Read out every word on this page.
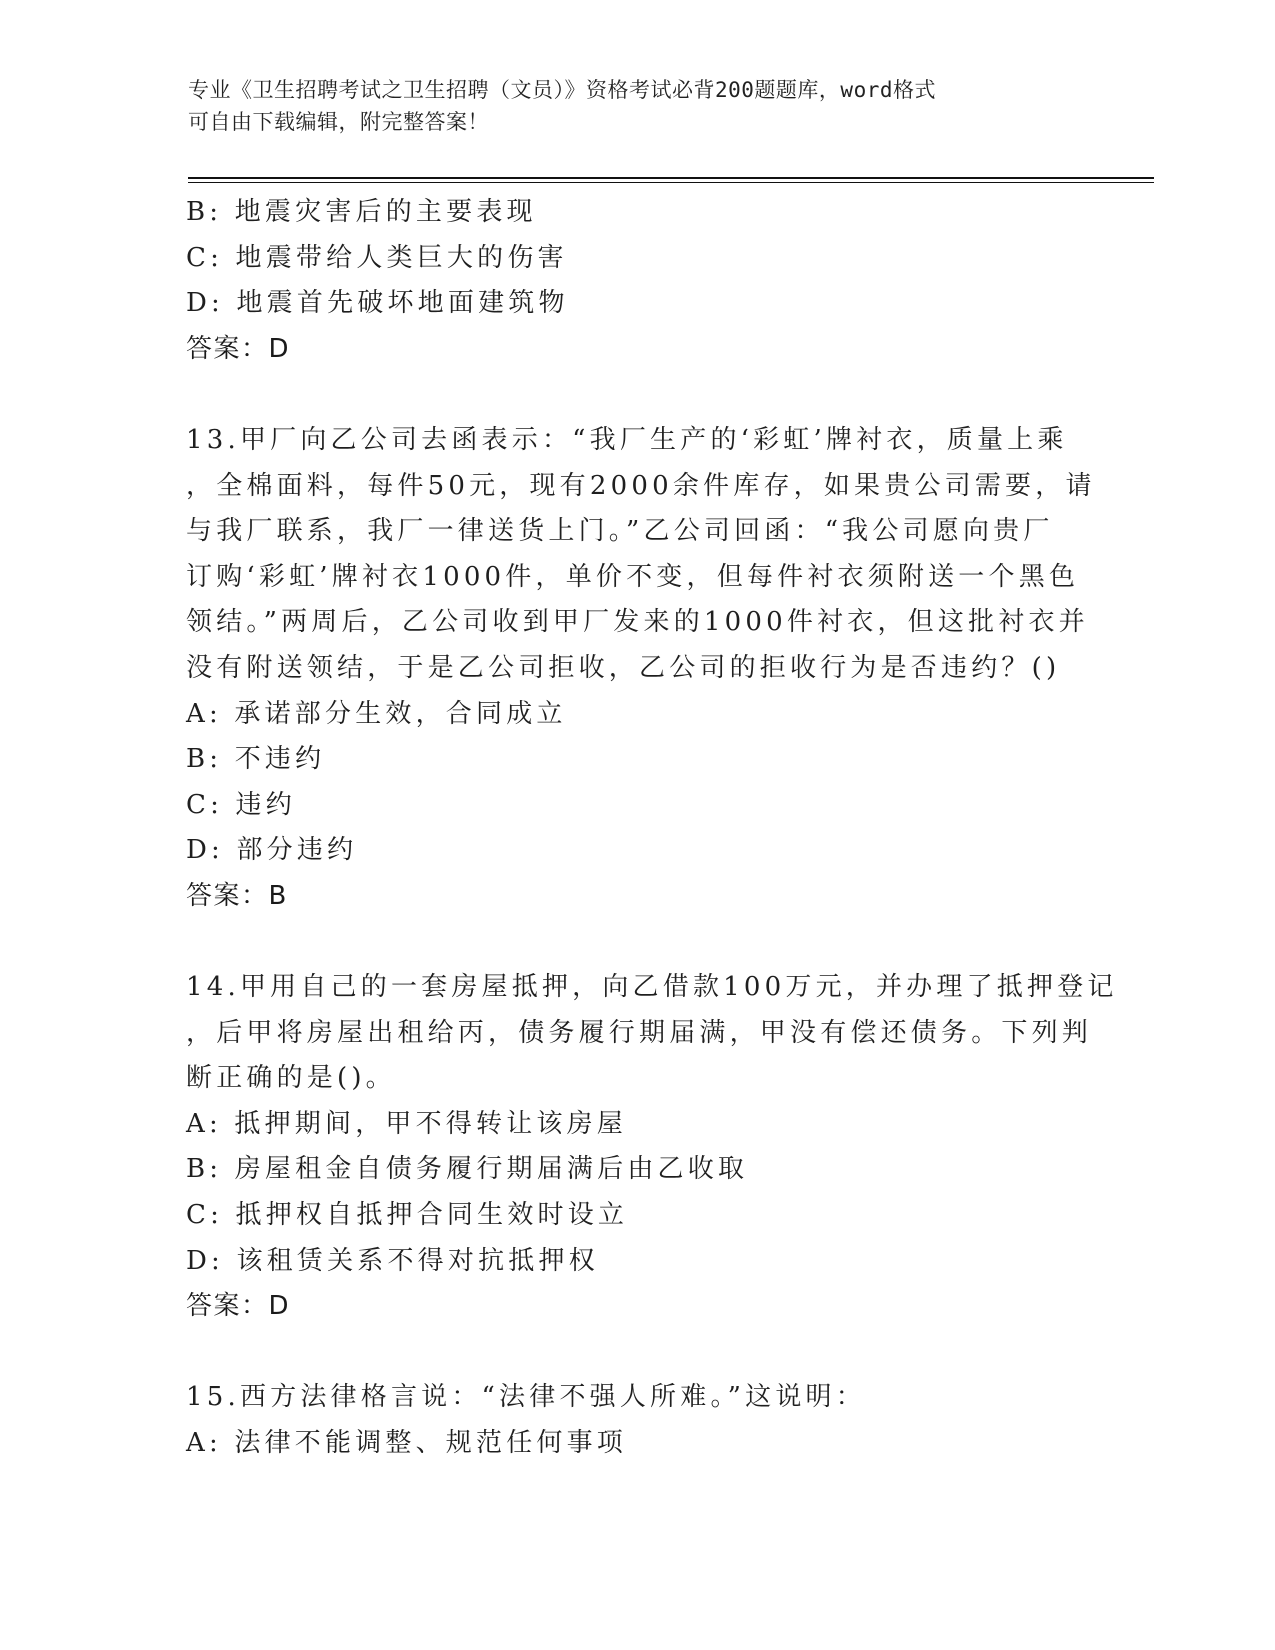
专业《卫生招聘考试之卫生招聘（文员）》资格考试必背200题题库，word格式
可自由下载编辑，附完整答案！
B: 地震灾害后的主要表现
C: 地震带给人类巨大的伤害
D: 地震首先破坏地面建筑物
答案：D
13.甲厂向乙公司去函表示：“我厂生产的‘彩虹’牌衬衣，质量上乘
，全棉面料，每件50元，现有2000余件库存，如果贵公司需要，请
与我厂联系，我厂一律送货上门。”乙公司回函：“我公司愿向贵厂
订购‘彩虹’牌衬衣1000件，单价不变，但每件衬衣须附送一个黑色
领结。”两周后，乙公司收到甲厂发来的1000件衬衣，但这批衬衣并
没有附送领结，于是乙公司拒收，乙公司的拒收行为是否违约？()
A: 承诺部分生效，合同成立
B: 不违约
C: 违约
D: 部分违约
答案：B
14.甲用自己的一套房屋抵押，向乙借款100万元，并办理了抵押登记
，后甲将房屋出租给丙，债务履行期届满，甲没有偿还债务。下列判
断正确的是()。
A: 抵押期间，甲不得转让该房屋
B: 房屋租金自债务履行期届满后由乙收取
C: 抵押权自抵押合同生效时设立
D: 该租赁关系不得对抗抵押权
答案：D
15.西方法律格言说：“法律不强人所难。”这说明：
A: 法律不能调整、规范任何事项
